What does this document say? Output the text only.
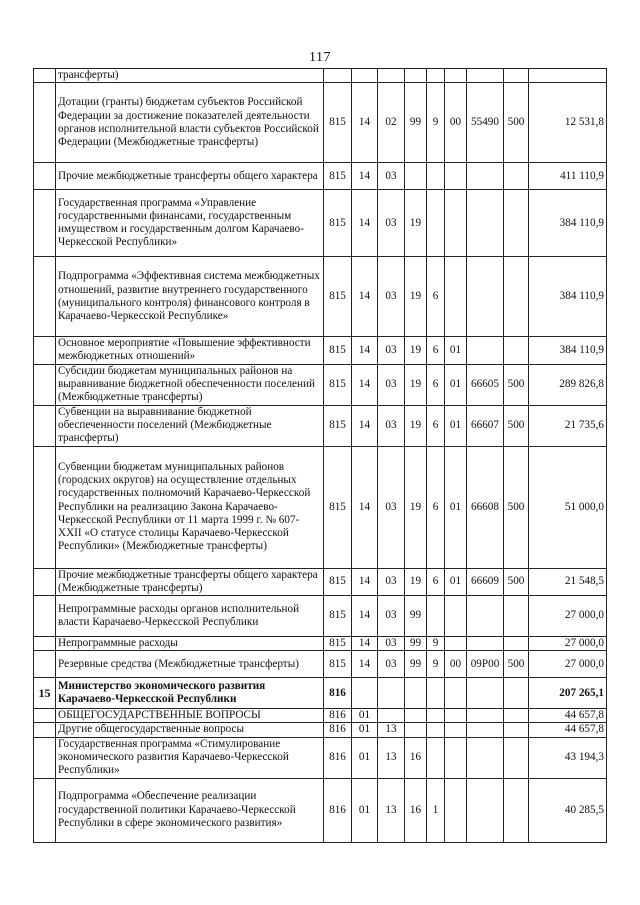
117
	трансферты)									
	Дотации (гранты) бюджетам субъектов Российской Федерации за достижение показателей деятельности органов исполнительной власти субъектов Российской Федерации (Межбюджетные трансферты)	815	14	02	99	9	00	55490	500	12 531,8
	Прочие межбюджетные трансферты общего характера	815	14	03						411 110,9
	Государственная программа «Управление государственными финансами, государственным имуществом и государственным долгом Карачаево-Черкесской Республики»	815	14	03	19					384 110,9
	Подпрограмма «Эффективная система межбюджетных отношений, развитие внутреннего государственного (муниципального контроля) финансового контроля в Карачаево-Черкесской Республике»	815	14	03	19	6				384 110,9
	Основное мероприятие «Повышение эффективности межбюджетных отношений»	815	14	03	19	6	01			384 110,9
	Субсидии бюджетам муниципальных районов на выравнивание бюджетной обеспеченности поселений (Межбюджетные трансферты)	815	14	03	19	6	01	66605	500	289 826,8
	Субвенции на выравнивание бюджетной обеспеченности поселений (Межбюджетные трансферты)	815	14	03	19	6	01	66607	500	21 735,6
	Субвенции бюджетам муниципальных районов (городских округов) на осуществление отдельных государственных полномочий Карачаево-Черкесской Республики на реализацию Закона Карачаево-Черкесской Республики от 11 марта 1999 г. № 607-XXII «О статусе столицы Карачаево-Черкесской Республики» (Межбюджетные трансферты)	815	14	03	19	6	01	66608	500	51 000,0
	Прочие межбюджетные трансферты общего характера (Межбюджетные трансферты)	815	14	03	19	6	01	66609	500	21 548,5
	Непрограммные расходы органов исполнительной власти Карачаево-Черкесской Республики	815	14	03	99					27 000,0
	Непрограммные расходы	815	14	03	99	9				27 000,0
	Резервные средства (Межбюджетные трансферты)	815	14	03	99	9	00	09Р00	500	27 000,0
15	Министерство экономического развития Карачаево-Черкесской Республики	816								207 265,1
	ОБЩЕГОСУДАРСТВЕННЫЕ ВОПРОСЫ	816	01							44 657,8
	Другие общегосударственные вопросы	816	01	13						44 657,8
	Государственная программа «Стимулирование экономического развития Карачаево-Черкесской Республики»	816	01	13	16					43 194,3
	Подпрограмма «Обеспечение реализации государственной политики Карачаево-Черкесской Республики в сфере экономического развития»	816	01	13	16	1				40 285,5
